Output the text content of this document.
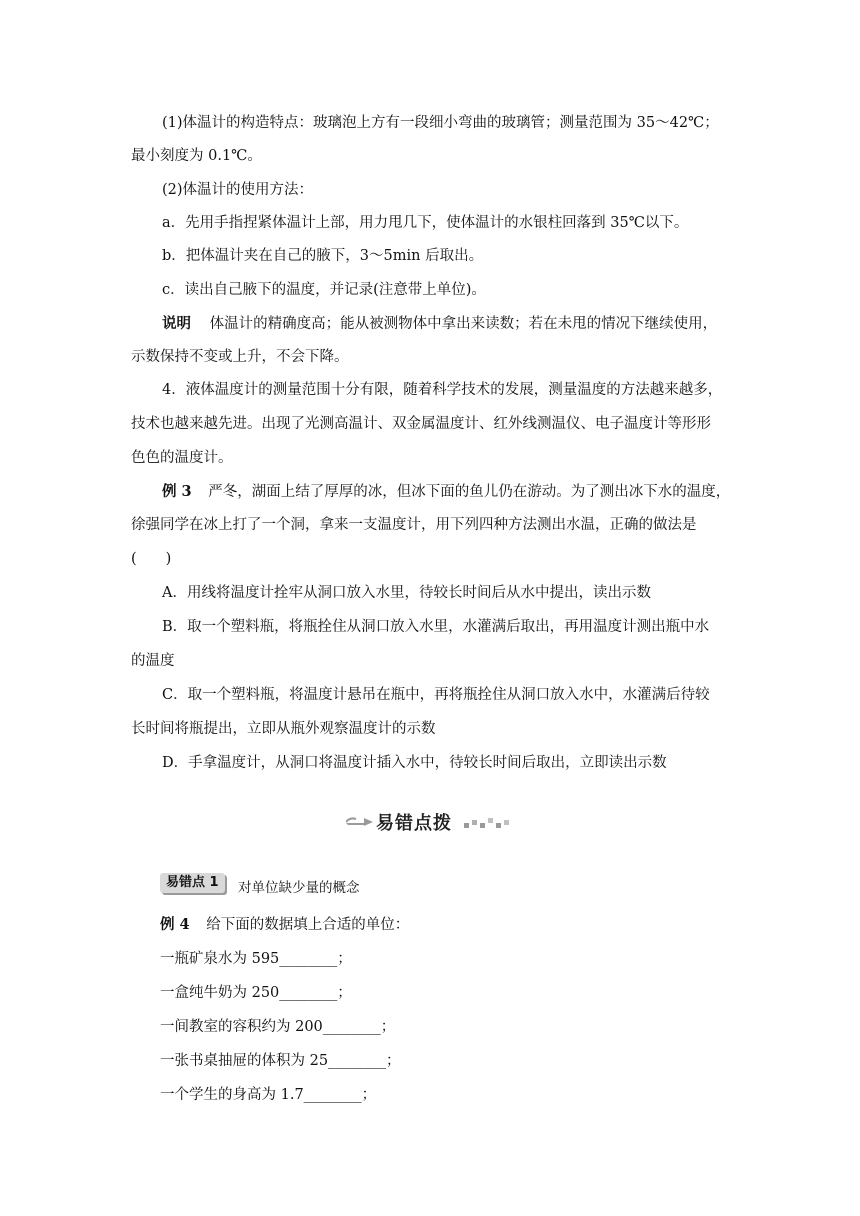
(1)体温计的构造特点：玻璃泡上方有一段细小弯曲的玻璃管；测量范围为 35～42℃；
最小刻度为 0.1℃。
(2)体温计的使用方法：
a．先用手指捏紧体温计上部，用力甩几下，使体温计的水银柱回落到 35℃以下。
b．把体温计夹在自己的腋下，3～5min 后取出。
c．读出自己腋下的温度，并记录(注意带上单位)。
说明 体温计的精确度高；能从被测物体中拿出来读数；若在未甩的情况下继续使用，
示数保持不变或上升，不会下降。
4．液体温度计的测量范围十分有限，随着科学技术的发展，测量温度的方法越来越多，
技术也越来越先进。出现了光测高温计、双金属温度计、红外线测温仪、电子温度计等形形
色色的温度计。
例 3 严冬，湖面上结了厚厚的冰，但冰下面的鱼儿仍在游动。为了测出冰下水的温度，
徐强同学在冰上打了一个洞，拿来一支温度计，用下列四种方法测出水温，正确的做法是
(　　)
A．用线将温度计拴牢从洞口放入水里，待较长时间后从水中提出，读出示数
B．取一个塑料瓶，将瓶拴住从洞口放入水里，水灌满后取出，再用温度计测出瓶中水
的温度
C．取一个塑料瓶，将温度计悬吊在瓶中，再将瓶拴住从洞口放入水中，水灌满后待较
长时间将瓶提出，立即从瓶外观察温度计的示数
D．手拿温度计，从洞口将温度计插入水中，待较长时间后取出，立即读出示数
易错点拨
易错点 1	对单位缺少量的概念
例 4 给下面的数据填上合适的单位：
一瓶矿泉水为 595________；
一盒纯牛奶为 250________；
一间教室的容积约为 200________；
一张书桌抽屉的体积为 25________；
一个学生的身高为 1.7________；
